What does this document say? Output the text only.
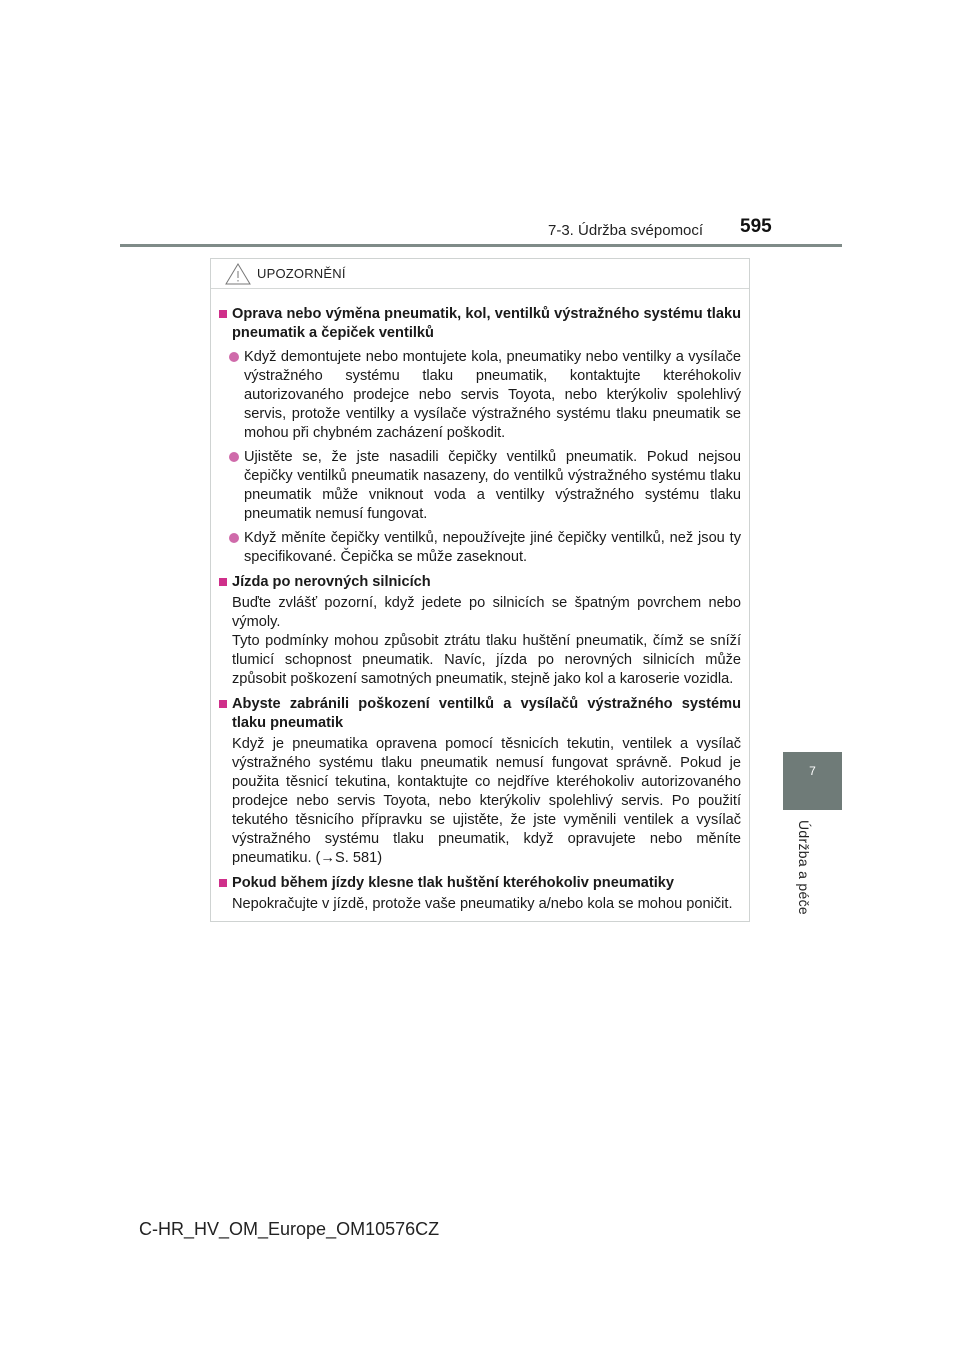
7-3. Údržba svépomocí 595
7
Údržba a péče
UPOZORNĚNÍ
Oprava nebo výměna pneumatik, kol, ventilků výstražného systému tlaku pneumatik a čepiček ventilků
Když demontujete nebo montujete kola, pneumatiky nebo ventilky a vysílače výstražného systému tlaku pneumatik, kontaktujte kteréhokoliv autorizovaného prodejce nebo servis Toyota, nebo kterýkoliv spolehlivý servis, protože ventilky a vysílače výstražného systému tlaku pneumatik se mohou při chybném zacházení poškodit.
Ujistěte se, že jste nasadili čepičky ventilků pneumatik. Pokud nejsou čepičky ventilků pneumatik nasazeny, do ventilků výstražného systému tlaku pneumatik může vniknout voda a ventilky výstražného systému tlaku pneumatik nemusí fungovat.
Když měníte čepičky ventilků, nepoužívejte jiné čepičky ventilků, než jsou ty specifikované. Čepička se může zaseknout.
Jízda po nerovných silnicích
Buďte zvlášť pozorní, když jedete po silnicích se špatným povrchem nebo výmoly.
Tyto podmínky mohou způsobit ztrátu tlaku huštění pneumatik, čímž se sníží tlumicí schopnost pneumatik. Navíc, jízda po nerovných silnicích může způsobit poškození samotných pneumatik, stejně jako kol a karoserie vozidla.
Abyste zabránili poškození ventilků a vysílačů výstražného systému tlaku pneumatik
Když je pneumatika opravena pomocí těsnicích tekutin, ventilek a vysílač výstražného systému tlaku pneumatik nemusí fungovat správně. Pokud je použita těsnicí tekutina, kontaktujte co nejdříve kteréhokoliv autorizovaného prodejce nebo servis Toyota, nebo kterýkoliv spolehlivý servis. Po použití tekutého těsnicího přípravku se ujistěte, že jste vyměnili ventilek a vysílač výstražného systému tlaku pneumatik, když opravujete nebo měníte pneumatiku. (→S. 581)
Pokud během jízdy klesne tlak huštění kteréhokoliv pneumatiky
Nepokračujte v jízdě, protože vaše pneumatiky a/nebo kola se mohou poničit.
C-HR_HV_OM_Europe_OM10576CZ
